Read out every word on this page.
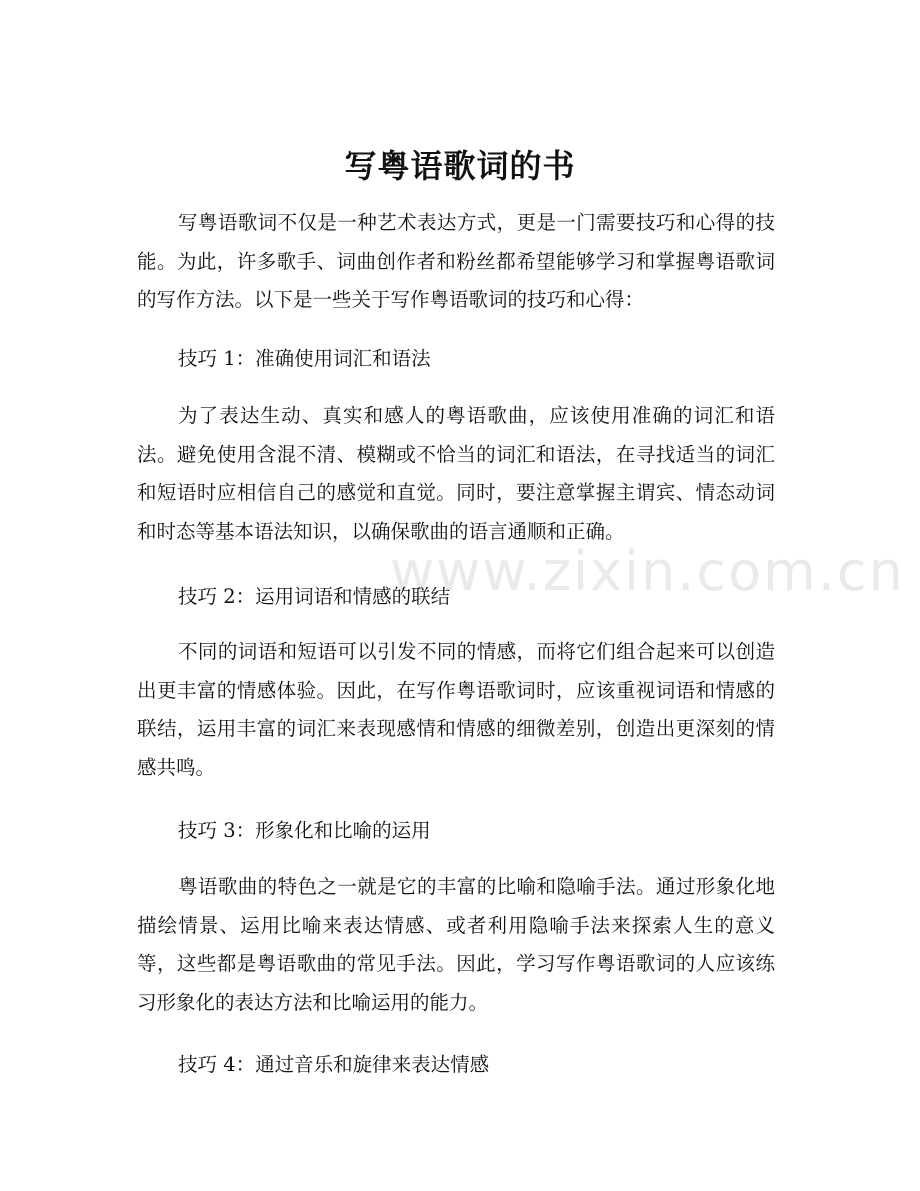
www.zixin.com.cn
写粤语歌词的书

写粤语歌词不仅是一种艺术表达方式，更是一门需要技巧和心得的技能。为此，许多歌手、词曲创作者和粉丝都希望能够学习和掌握粤语歌词的写作方法。以下是一些关于写作粤语歌词的技巧和心得：

技巧 1：准确使用词汇和语法

为了表达生动、真实和感人的粤语歌曲，应该使用准确的词汇和语法。避免使用含混不清、模糊或不恰当的词汇和语法，在寻找适当的词汇和短语时应相信自己的感觉和直觉。同时，要注意掌握主谓宾、情态动词和时态等基本语法知识，以确保歌曲的语言通顺和正确。

技巧 2：运用词语和情感的联结

不同的词语和短语可以引发不同的情感，而将它们组合起来可以创造出更丰富的情感体验。因此，在写作粤语歌词时，应该重视词语和情感的联结，运用丰富的词汇来表现感情和情感的细微差别，创造出更深刻的情感共鸣。

技巧 3：形象化和比喻的运用

粤语歌曲的特色之一就是它的丰富的比喻和隐喻手法。通过形象化地描绘情景、运用比喻来表达情感、或者利用隐喻手法来探索人生的意义等，这些都是粤语歌曲的常见手法。因此，学习写作粤语歌词的人应该练习形象化的表达方法和比喻运用的能力。

技巧 4：通过音乐和旋律来表达情感
